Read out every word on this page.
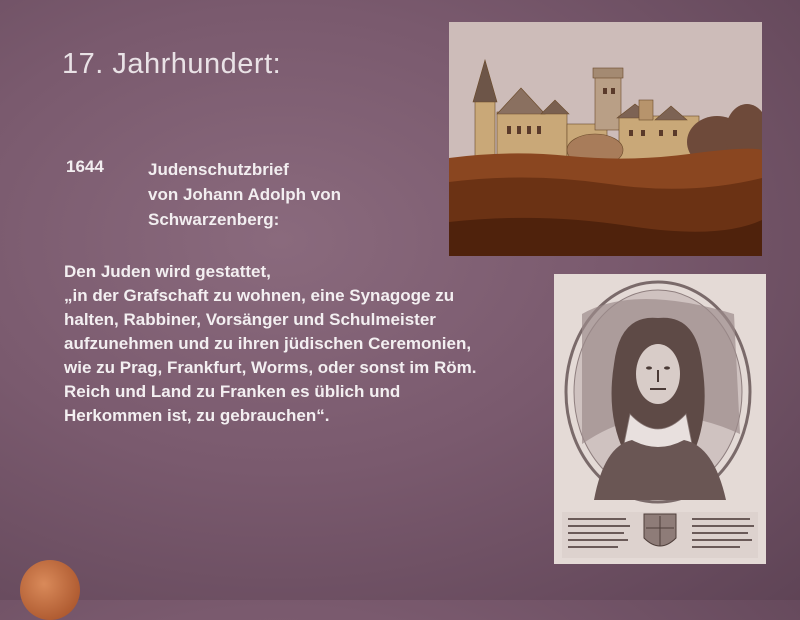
17. Jahrhundert:
1644	Judenschutzbrief
von Johann Adolph von
Schwarzenberg:
Den Juden wird gestattet,
„in der Grafschaft zu wohnen, eine Synagoge zu
halten, Rabbiner, Vorsänger und Schulmeister
aufzunehmen und zu ihren jüdischen Ceremonien,
wie zu Prag, Frankfurt, Worms, oder sonst im Röm.
Reich und Land zu Franken es üblich und
Herkommen ist, zu gebrauchen“.
